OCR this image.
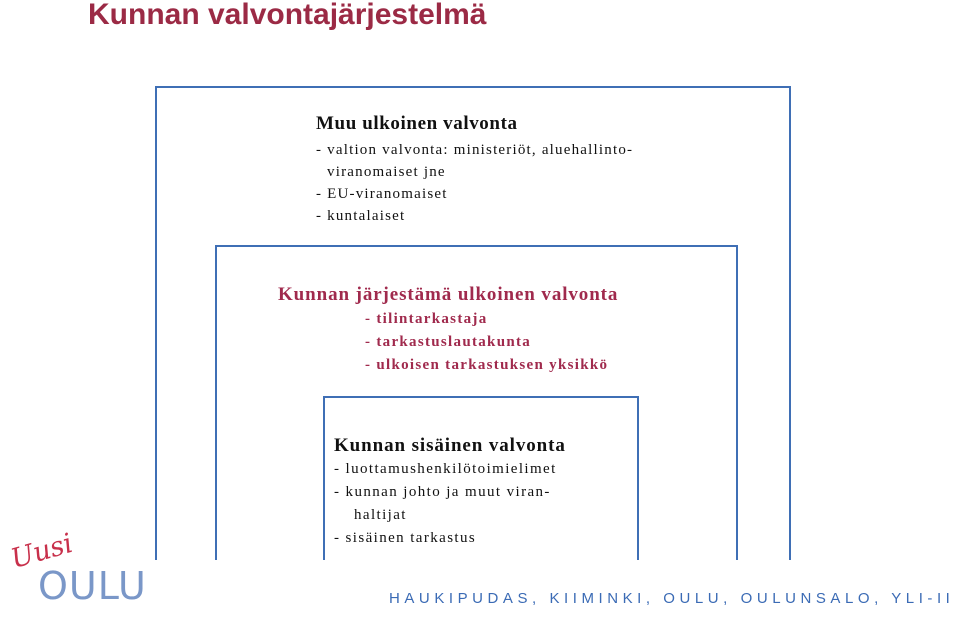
Kunnan valvontajärjestelmä
Muu ulkoinen valvonta
- valtion valvonta: ministeriöt, aluehallinto-
viranomaiset jne
- EU-viranomaiset
- kuntalaiset
Kunnan järjestämä ulkoinen valvonta
- tilintarkastaja
- tarkastuslautakunta
- ulkoisen tarkastuksen yksikkö
Kunnan sisäinen valvonta
- luottamushenkilötoimielimet
- kunnan johto ja muut viran-
haltijat
- sisäinen tarkastus
Uusi
OULU	HAUKIPUDAS, KIIMINKI, OULU, OULUNSALO, YLI-II
